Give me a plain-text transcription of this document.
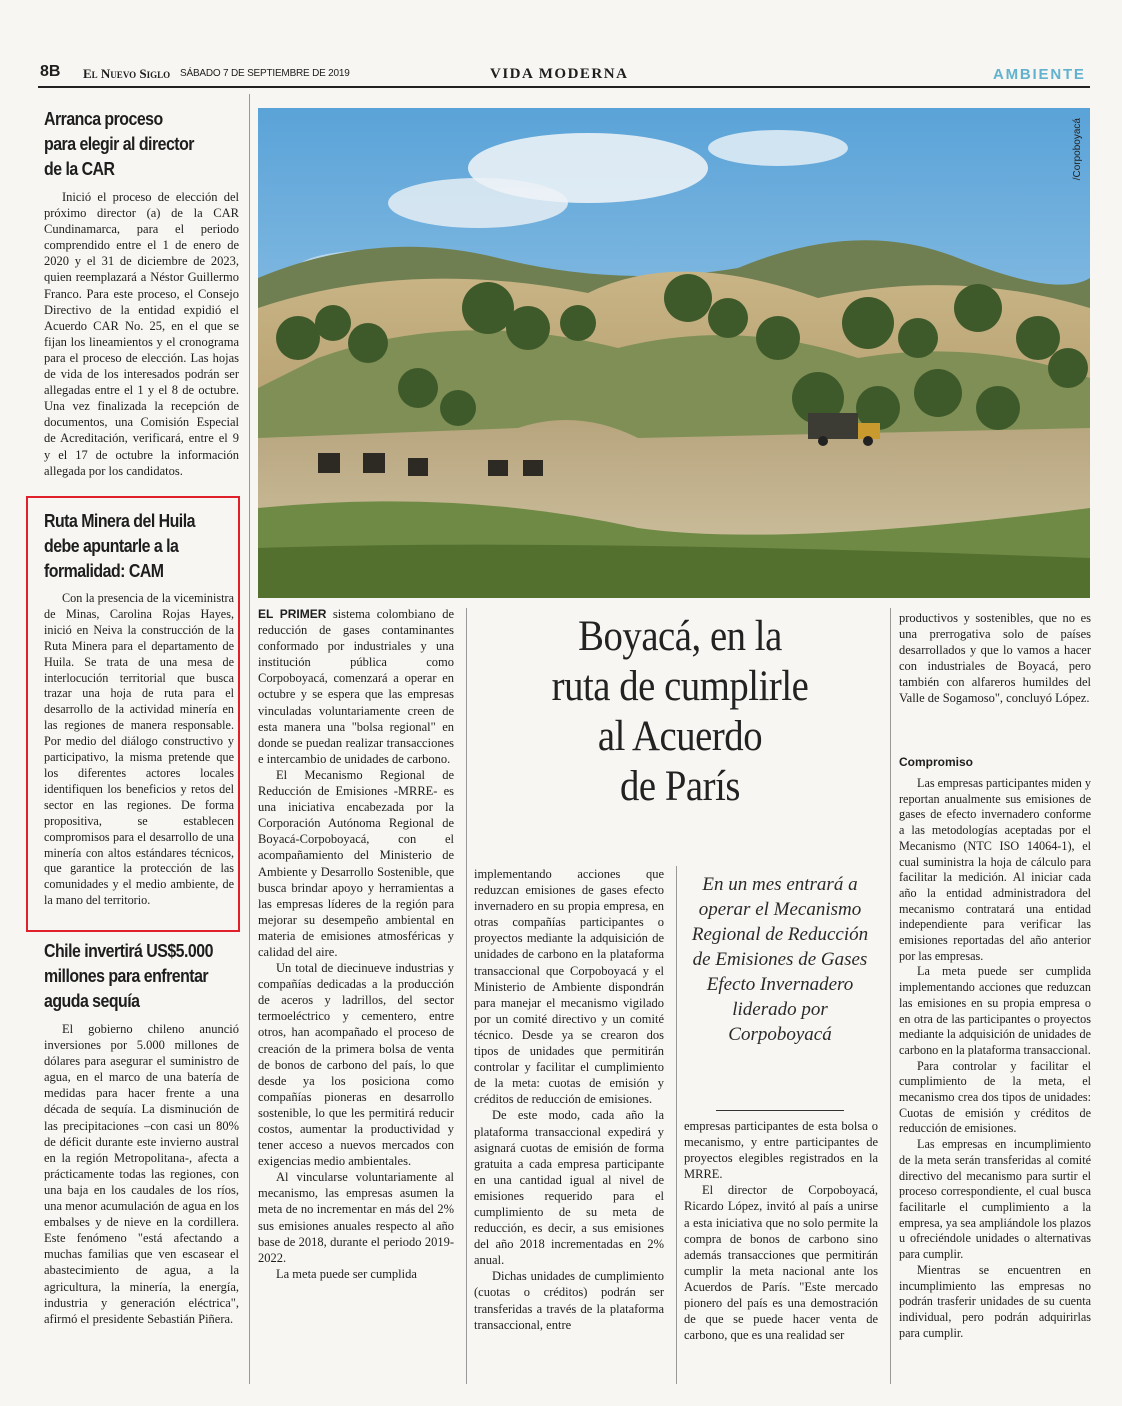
8B El Nuevo Siglo SÁBADO 7 DE SEPTIEMBRE DE 2019	VIDA MODERNA	AMBIENTE
Arranca proceso
para elegir al director
de la CAR

Inició el proceso de elección del próximo director (a) de la CAR Cundinamarca, para el periodo comprendido entre el 1 de enero de 2020 y el 31 de diciembre de 2023, quien reemplazará a Néstor Guillermo Franco. Para este proceso, el Consejo Directivo de la entidad expidió el Acuerdo CAR No. 25, en el que se fijan los lineamientos y el cronograma para el proceso de elección. Las hojas de vida de los interesados podrán ser allegadas entre el 1 y el 8 de octubre. Una vez finalizada la recepción de documentos, una Comisión Especial de Acreditación, verificará, entre el 9 y el 17 de octubre la información allegada por los candidatos.

Ruta Minera del Huila
debe apuntarle a la
formalidad: CAM

Con la presencia de la viceministra de Minas, Carolina Rojas Hayes, inició en Neiva la construcción de la Ruta Minera para el departamento de Huila. Se trata de una mesa de interlocución territorial que busca trazar una hoja de ruta para el desarrollo de la actividad minería en las regiones de manera responsable. Por medio del diálogo constructivo y participativo, la misma pretende que los diferentes actores locales identifiquen los beneficios y retos del sector en las regiones. De forma propositiva, se establecen compromisos para el desarrollo de una minería con altos estándares técnicos, que garantice la protección de las comunidades y el medio ambiente, de la mano del territorio.

Chile invertirá US$5.000
millones para enfrentar
aguda sequía

El gobierno chileno anunció inversiones por 5.000 millones de dólares para asegurar el suministro de agua, en el marco de una batería de medidas para hacer frente a una década de sequía. La disminución de las precipitaciones –con casi un 80% de déficit durante este invierno austral en la región Metropolitana-, afecta a prácticamente todas las regiones, con una baja en los caudales de los ríos, una menor acumulación de agua en los embalses y de nieve en la cordillera. Este fenómeno "está afectando a muchas familias que ven escasear el abastecimiento de agua, a la agricultura, la minería, la energía, industria y generación eléctrica", afirmó el presidente Sebastián Piñera.

/Corpoboyacá
Boyacá, en la
ruta de cumplirle
al Acuerdo
de París
En un mes entrará a operar el Mecanismo Regional de Reducción de Emisiones de Gases Efecto Invernadero liderado por Corpoboyacá

EL PRIMER sistema colombiano de reducción de gases contaminantes conformado por industriales y una institución pública como Corpoboyacá, comenzará a operar en octubre y se espera que las empresas vinculadas voluntariamente creen de esta manera una "bolsa regional" en donde se puedan realizar transacciones e intercambio de unidades de carbono.

El Mecanismo Regional de Reducción de Emisiones -MRRE- es una iniciativa encabezada por la Corporación Autónoma Regional de Boyacá-Corpoboyacá, con el acompañamiento del Ministerio de Ambiente y Desarrollo Sostenible, que busca brindar apoyo y herramientas a las empresas líderes de la región para mejorar su desempeño ambiental en materia de emisiones atmosféricas y calidad del aire.

Un total de diecinueve industrias y compañías dedicadas a la producción de aceros y ladrillos, del sector termoeléctrico y cementero, entre otros, han acompañado el proceso de creación de la primera bolsa de venta de bonos de carbono del país, lo que desde ya los posiciona como compañías pioneras en desarrollo sostenible, lo que les permitirá reducir costos, aumentar la productividad y tener acceso a nuevos mercados con exigencias medio ambientales.

Al vincularse voluntariamente al mecanismo, las empresas asumen la meta de no incrementar en más del 2% sus emisiones anuales respecto al año base de 2018, durante el periodo 2019-2022.

La meta puede ser cumplida

implementando acciones que reduzcan emisiones de gases efecto invernadero en su propia empresa, en otras compañías participantes o proyectos mediante la adquisición de unidades de carbono en la plataforma transaccional que Corpoboyacá y el Ministerio de Ambiente dispondrán para manejar el mecanismo vigilado por un comité directivo y un comité técnico. Desde ya se crearon dos tipos de unidades que permitirán controlar y facilitar el cumplimiento de la meta: cuotas de emisión y créditos de reducción de emisiones.

De este modo, cada año la plataforma transaccional expedirá y asignará cuotas de emisión de forma gratuita a cada empresa participante en una cantidad igual al nivel de emisiones requerido para el cumplimiento de su meta de reducción, es decir, a sus emisiones del año 2018 incrementadas en 2% anual.

Dichas unidades de cumplimiento (cuotas o créditos) podrán ser transferidas a través de la plataforma transaccional, entre

empresas participantes de esta bolsa o mecanismo, y entre participantes de proyectos elegibles registrados en la MRRE.

El director de Corpoboyacá, Ricardo López, invitó al país a unirse a esta iniciativa que no solo permite la compra de bonos de carbono sino además transacciones que permitirán cumplir la meta nacional ante los Acuerdos de París. "Este mercado pionero del país es una demostración de que se puede hacer venta de carbono, que es una realidad ser

productivos y sostenibles, que no es una prerrogativa solo de países desarrollados y que lo vamos a hacer con industriales de Boyacá, pero también con alfareros humildes del Valle de Sogamoso", concluyó López.

Compromiso

Las empresas participantes miden y reportan anualmente sus emisiones de gases de efecto invernadero conforme a las metodologías aceptadas por el Mecanismo (NTC ISO 14064-1), el cual suministra la hoja de cálculo para facilitar la medición. Al iniciar cada año la entidad administradora del mecanismo contratará una entidad independiente para verificar las emisiones reportadas del año anterior por las empresas.

La meta puede ser cumplida implementando acciones que reduzcan las emisiones en su propia empresa o en otra de las participantes o proyectos mediante la adquisición de unidades de carbono en la plataforma transaccional.

Para controlar y facilitar el cumplimiento de la meta, el mecanismo crea dos tipos de unidades: Cuotas de emisión y créditos de reducción de emisiones.

Las empresas en incumplimiento de la meta serán transferidas al comité directivo del mecanismo para surtir el proceso correspondiente, el cual busca facilitarle el cumplimiento a la empresa, ya sea ampliándole los plazos u ofreciéndole unidades o alternativas para cumplir.

Mientras se encuentren en incumplimiento las empresas no podrán trasferir unidades de su cuenta individual, pero podrán adquirirlas para cumplir.
